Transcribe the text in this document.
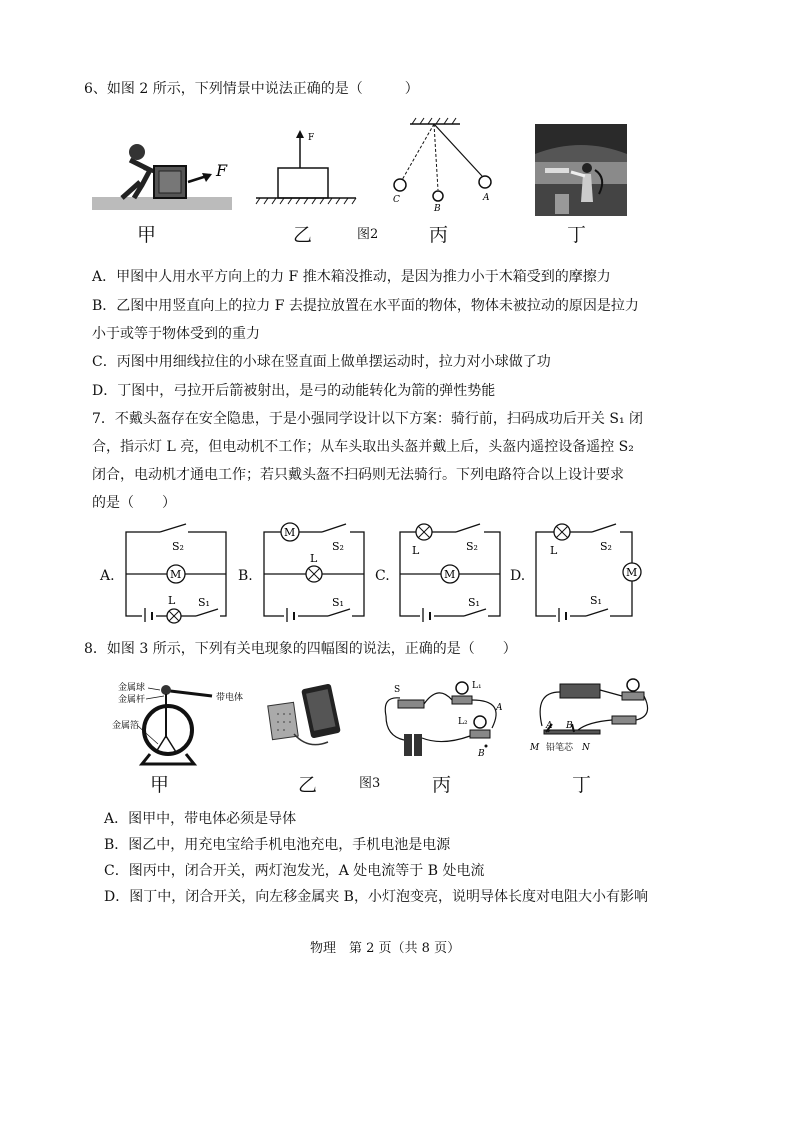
6、如图 2 所示，下列情景中说法正确的是（　　　）
F
F
C
B
A
甲	乙	图2	丙	丁
A．甲图中人用水平方向上的力 F 推木箱没推动，是因为推力小于木箱受到的摩擦力
B．乙图中用竖直向上的拉力 F 去提拉放置在水平面的物体，物体未被拉动的原因是拉力
小于或等于物体受到的重力
C．丙图中用细线拉住的小球在竖直面上做单摆运动时，拉力对小球做了功
D．丁图中，弓拉开后箭被射出，是弓的动能转化为箭的弹性势能
7．不戴头盔存在安全隐患，于是小强同学设计以下方案：骑行前，扫码成功后开关 S₁ 闭
合，指示灯 L 亮，但电动机不工作；从车头取出头盔并戴上后，头盔内遥控设备遥控 S₂
闭合，电动机才通电工作；若只戴头盔不扫码则无法骑行。下列电路符合以上设计要求
的是（　　）
A.
S₂
M
L S₁
B.
M
S₂
L
S₁
C.
L	S₂
M
S₁
D.
L	S₂
M
S₁
8．如图 3 所示，下列有关电现象的四幅图的说法，正确的是（　　）
金属球
金属杆
金属箔
带电体
S	L₁
L₂
A
B
A B
M 铅笔芯 N
甲	乙	图3	丙	丁
A．图甲中，带电体必须是导体
B．图乙中，用充电宝给手机电池充电，手机电池是电源
C．图丙中，闭合开关，两灯泡发光，A 处电流等于 B 处电流
D．图丁中，闭合开关，向左移金属夹 B，小灯泡变亮，说明导体长度对电阻大小有影响
物理　第 2 页（共 8 页）
